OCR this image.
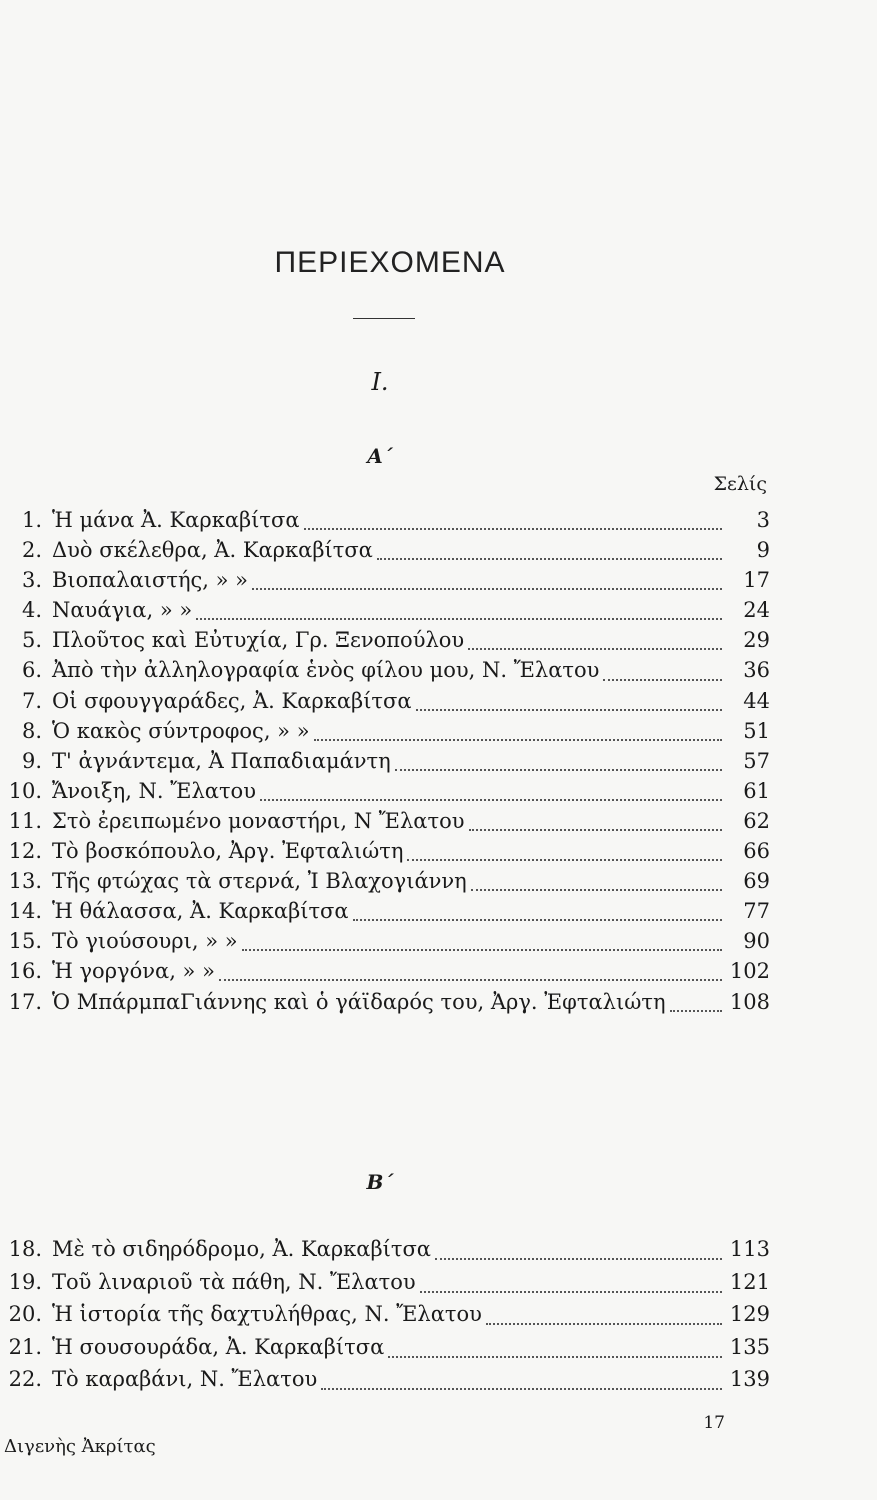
ΠΕΡΙΕΧΟΜΕΝΑ
I.
Α΄
Σελίς
1. Ἡ μάνα Ἀ. Καρκαβίτσα	3
2. Δυὸ σκέλεθρα, Ἀ. Καρκαβίτσα	9
3. Βιοπαλαιστής, » »	17
4. Ναυάγια, » »	24
5. Πλοῦτος καὶ Εὐτυχία, Γρ. Ξενοπούλου	29
6. Ἀπὸ τὴν ἀλληλογραφία ἑνὸς φίλου μου, Ν. Ἔλατου	36
7. Οἱ σφουγγαράδες, Ἀ. Καρκαβίτσα	44
8. Ὁ κακὸς σύντροφος, » »	51
9. Τ' ἀγνάντεμα, Ἀ Παπαδιαμάντη	57
10. Ἄνοιξη, Ν. Ἔλατου	61
11. Στὸ ἐρειπωμένο μοναστήρι, Ν Ἔλατου	62
12. Τὸ βοσκόπουλο, Ἀργ. Ἐφταλιώτη	66
13. Τῆς φτώχας τὰ στερνά, Ἰ Βλαχογιάννη	69
14. Ἡ θάλασσα, Ἀ. Καρκαβίτσα	77
15. Τὸ γιούσουρι, » »	90
16. Ἡ γοργόνα, » »	102
17. Ὁ ΜπάρμπαΓιάννης καὶ ὁ γάϊδαρός του, Ἀργ. Ἐφταλιώτη	108
Β΄
18. Μὲ τὸ σιδηρόδρομο, Ἀ. Καρκαβίτσα	113
19. Τοῦ λιναριοῦ τὰ πάθη, Ν. Ἔλατου	121
20. Ἡ ἱστορία τῆς δαχτυλήθρας, Ν. Ἔλατου	129
21. Ἡ σουσουράδα, Ἀ. Καρκαβίτσα	135
22. Τὸ καραβάνι, Ν. Ἔλατου	139
17
Διγενὴς Ἀκρίτας
